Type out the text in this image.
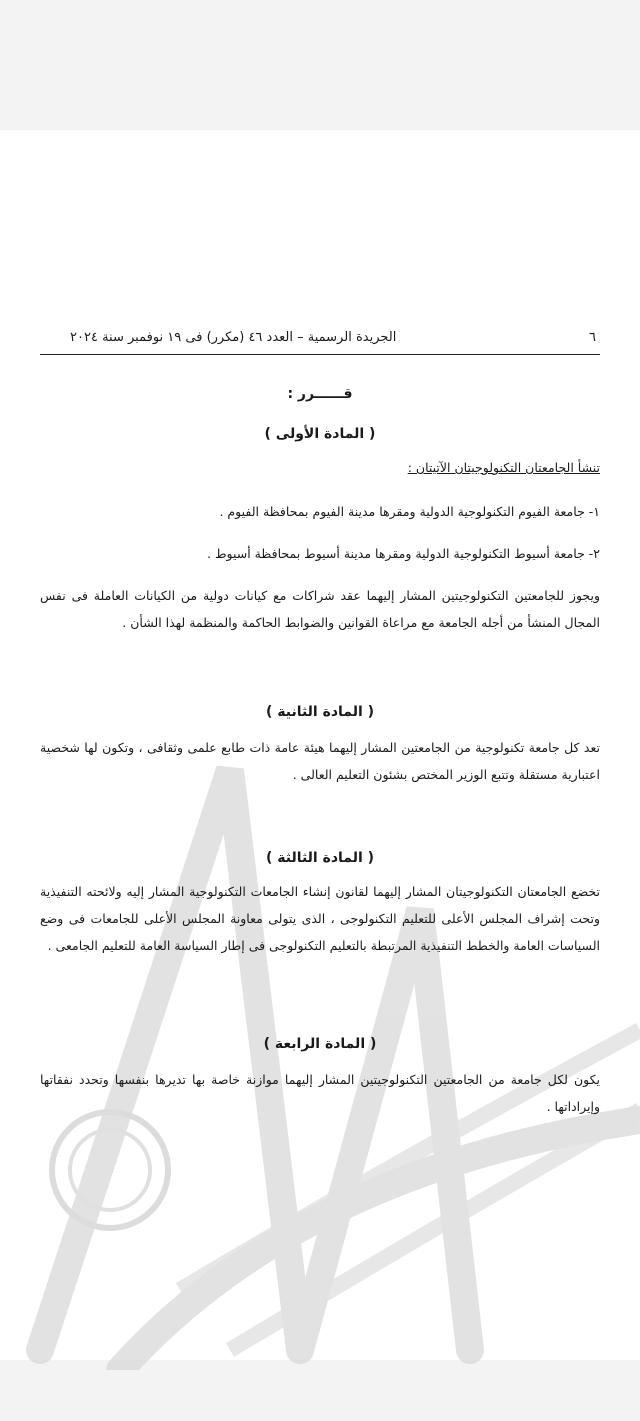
٦
الجريدة الرسمية – العدد ٤٦ (مكرر) فى ١٩ نوفمبر سنة ٢٠٢٤
قــــــرر :
( المادة الأولى )
تنشأ الجامعتان التكنولوجيتان الآتيتان :
١- جامعة الفيوم التكنولوجية الدولية ومقرها مدينة الفيوم بمحافظة الفيوم .
٢- جامعة أسيوط التكنولوجية الدولية ومقرها مدينة أسيوط بمحافظة أسيوط .
ويجوز للجامعتين التكنولوجيتين المشار إليهما عقد شراكات مع كيانات دولية من الكيانات العاملة فى نفس المجال المنشأ من أجله الجامعة مع مراعاة القوانين والضوابط الحاكمة والمنظمة لهذا الشأن .
( المادة الثانية )
تعد كل جامعة تكنولوجية من الجامعتين المشار إليهما هيئة عامة ذات طابع علمى وثقافى ، وتكون لها شخصية اعتبارية مستقلة وتتبع الوزير المختص بشئون التعليم العالى .
( المادة الثالثة )
تخضع الجامعتان التكنولوجيتان المشار إليهما لقانون إنشاء الجامعات التكنولوجية المشار إليه ولائحته التنفيذية وتحت إشراف المجلس الأعلى للتعليم التكنولوجى ، الذى يتولى معاونة المجلس الأعلى للجامعات فى وضع السياسات العامة والخطط التنفيذية المرتبطة بالتعليم التكنولوجى فى إطار السياسة العامة للتعليم الجامعى .
( المادة الرابعة )
يكون لكل جامعة من الجامعتين التكنولوجيتين المشار إليهما موازنة خاصة بها تديرها بنفسها وتحدد نفقاتها وإيراداتها .
